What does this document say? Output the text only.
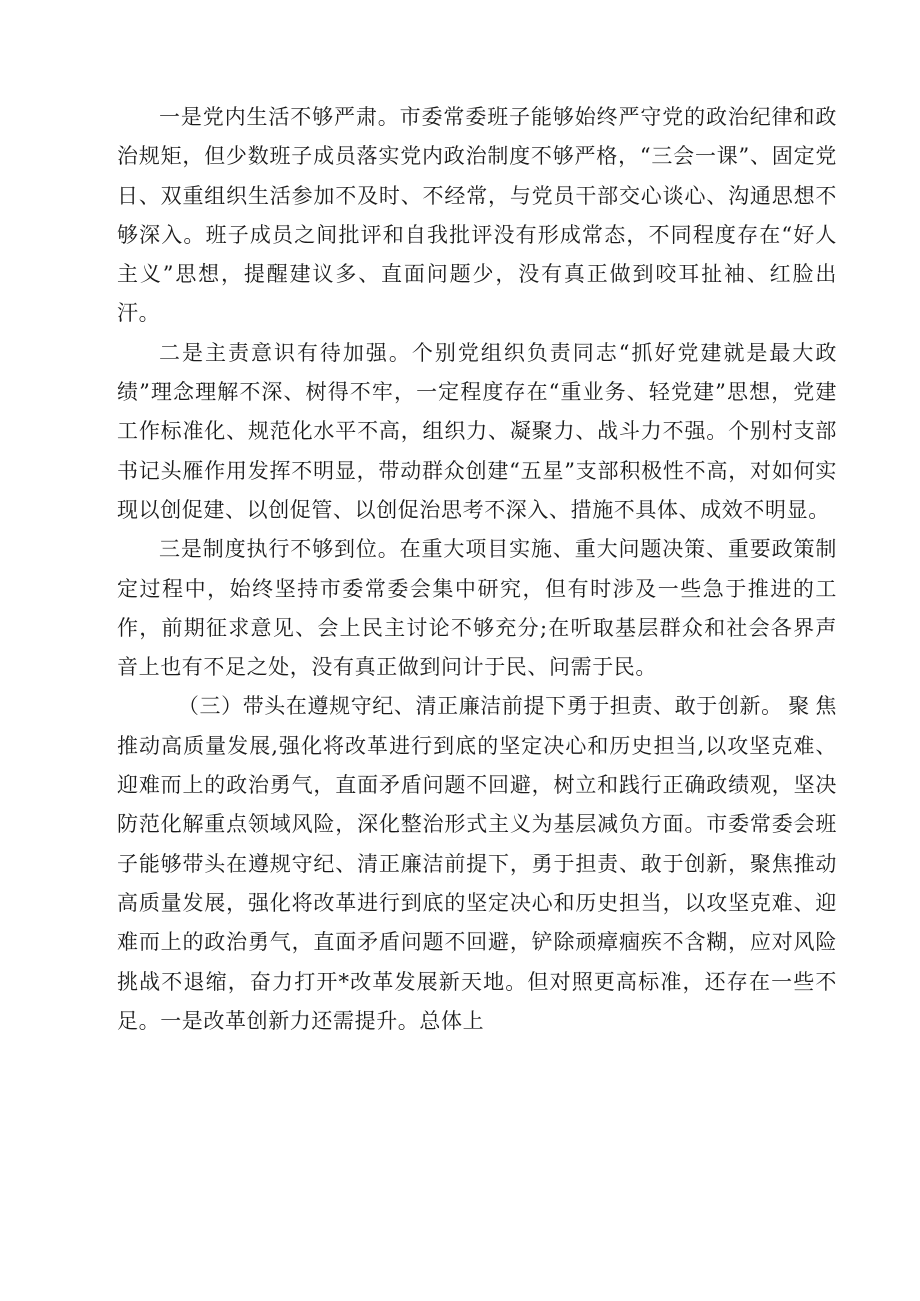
一是党内生活不够严肃。市委常委班子能够始终严守党的政治纪律和政治规矩，但少数班子成员落实党内政治制度不够严格，“三会一课”、固定党日、双重组织生活参加不及时、不经常，与党员干部交心谈心、沟通思想不够深入。班子成员之间批评和自我批评没有形成常态，不同程度存在“好人主义”思想，提醒建议多、直面问题少，没有真正做到咬耳扯袖、红脸出汗。

二是主责意识有待加强。个别党组织负责同志“抓好党建就是最大政绩”理念理解不深、树得不牢，一定程度存在“重业务、轻党建”思想，党建工作标准化、规范化水平不高，组织力、凝聚力、战斗力不强。个别村支部书记头雁作用发挥不明显，带动群众创建“五星”支部积极性不高，对如何实现以创促建、以创促管、以创促治思考不深入、措施不具体、成效不明显。

三是制度执行不够到位。在重大项目实施、重大问题决策、重要政策制定过程中，始终坚持市委常委会集中研究，但有时涉及一些急于推进的工作，前期征求意见、会上民主讨论不够充分;在听取基层群众和社会各界声音上也有不足之处，没有真正做到问计于民、问需于民。

（三）带头在遵规守纪、清正廉洁前提下勇于担责、敢于创新。聚焦推动高质量发展,强化将改革进行到底的坚定决心和历史担当,以攻坚克难、迎难而上的政治勇气，直面矛盾问题不回避，树立和践行正确政绩观，坚决防范化解重点领域风险，深化整治形式主义为基层减负方面。市委常委会班子能够带头在遵规守纪、清正廉洁前提下，勇于担责、敢于创新，聚焦推动高质量发展，强化将改革进行到底的坚定决心和历史担当，以攻坚克难、迎难而上的政治勇气，直面矛盾问题不回避，铲除顽瘴痼疾不含糊，应对风险挑战不退缩，奋力打开*改革发展新天地。但对照更高标准，还存在一些不足。一是改革创新力还需提升。总体上
